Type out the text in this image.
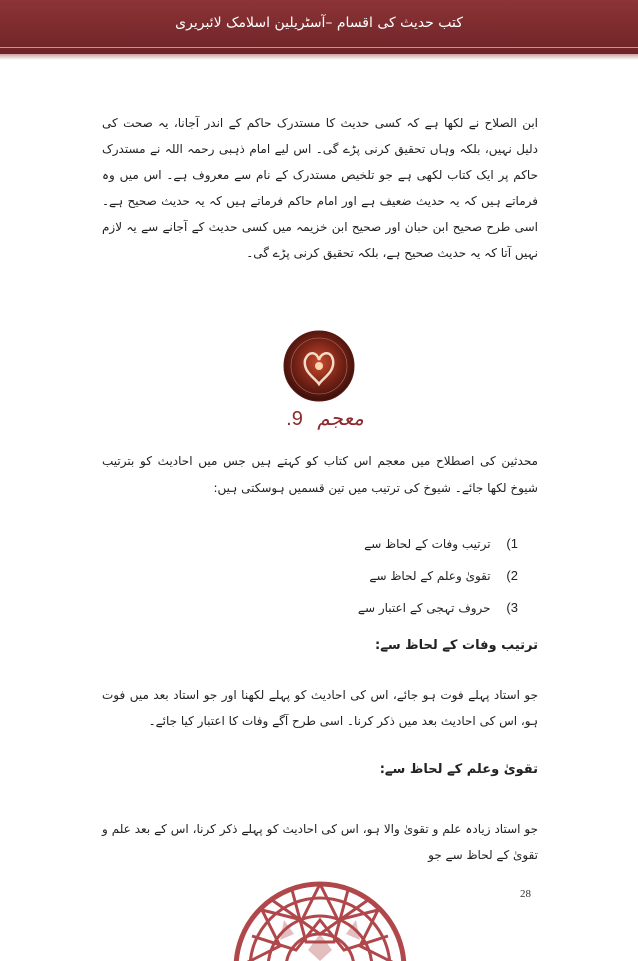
کتب حدیث کی اقسام –آسٹریلین اسلامک لائبریری

ابن الصلاح نے لکھا ہے کہ کسی حدیث کا مستدرک حاکم کے اندر آجانا، یہ صحت کی دلیل نہیں، بلکہ وہاں تحقیق کرنی پڑے گی۔ اس لیے امام ذہبی رحمہ اللہ نے مستدرک حاکم پر ایک کتاب لکھی ہے جو تلخیص مستدرک کے نام سے معروف ہے۔ اس میں وہ فرماتے ہیں کہ یہ حدیث ضعیف ہے اور امام حاکم فرماتے ہیں کہ یہ حدیث صحیح ہے۔ اسی طرح صحیح ابن حبان اور صحیح ابن خزیمہ میں کسی حدیث کے آجانے سے یہ لازم نہیں آتا کہ یہ حدیث صحیح ہے، بلکہ تحقیق کرنی پڑے گی۔

.9 معجم

محدثین کی اصطلاح میں معجم اس کتاب کو کہتے ہیں جس میں احادیث کو بترتیب شیوخ لکھا جائے۔ شیوخ کی ترتیب میں تین قسمیں ہوسکتی ہیں:

1) ترتیب وفات کے لحاظ سے
2) تقویٰ وعلم کے لحاظ سے
3) حروف تہجی کے اعتبار سے
ترتیب وفات کے لحاظ سے:

جو استاد پہلے فوت ہو جائے، اس کی احادیث کو پہلے لکھنا اور جو استاد بعد میں فوت ہو، اس کی احادیث بعد میں ذکر کرنا۔ اسی طرح آگے وفات کا اعتبار کیا جائے۔

تقویٰ وعلم کے لحاظ سے:

جو استاد زیادہ علم و تقویٰ والا ہو، اس کی احادیث کو پہلے ذکر کرنا، اس کے بعد علم و تقویٰ کے لحاظ سے جو

28
